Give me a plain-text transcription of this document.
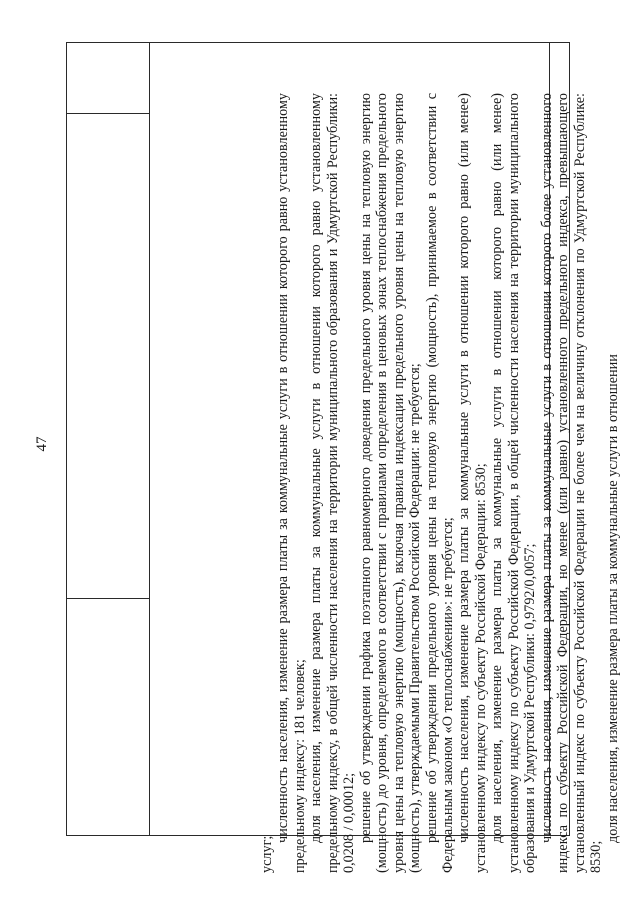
47

услуг;

численность населения, изменение размера платы за коммунальные услуги в отношении которого равно установленному предельному индексу: 181 человек; доля населения, изменение размера платы за коммунальные услуги в отношении которого равно установленному предельному индексу, в общей численности населения на территории муниципального образования и Удмуртской Республики: 0,0208 / 0,00012; решение об утверждении графика поэтапного равномерного доведения предельного уровня цены на тепловую энергию (мощность) до уровня, определяемого в соответствии с правилами определения в ценовых зонах теплоснабжения предельного уровня цены на тепловую энергию (мощность), включая правила индексации предельного уровня цены на тепловую энергию (мощность), утверждаемыми Правительством Российской Федерации: не требуется; решение об утверждении предельного уровня цены на тепловую энергию (мощность), принимаемое в соответствии с Федеральным законом «О теплоснабжении»: не требуется; численность населения, изменение размера платы за коммунальные услуги в отношении которого равно (или менее) установленному индексу по субъекту Российской Федерации: 8530; доля населения, изменение размера платы за коммунальные услуги в отношении которого равно (или менее) установленному индексу по субъекту Российской Федерации, в общей численности населения на территории муниципального образования и Удмуртской Республики: 0,9792/0,0057; численность населения, изменение размера платы за коммунальные услуги в отношении которого более установленного индекса по субъекту Российской Федерации, но менее (или равно) установленного предельного индекса, превышающего установленный индекс по субъекту Российской Федерации не более чем на величину отклонения по Удмуртской Республике: 8530;

доля населения, изменение размера платы за коммунальные услуги в отношении
